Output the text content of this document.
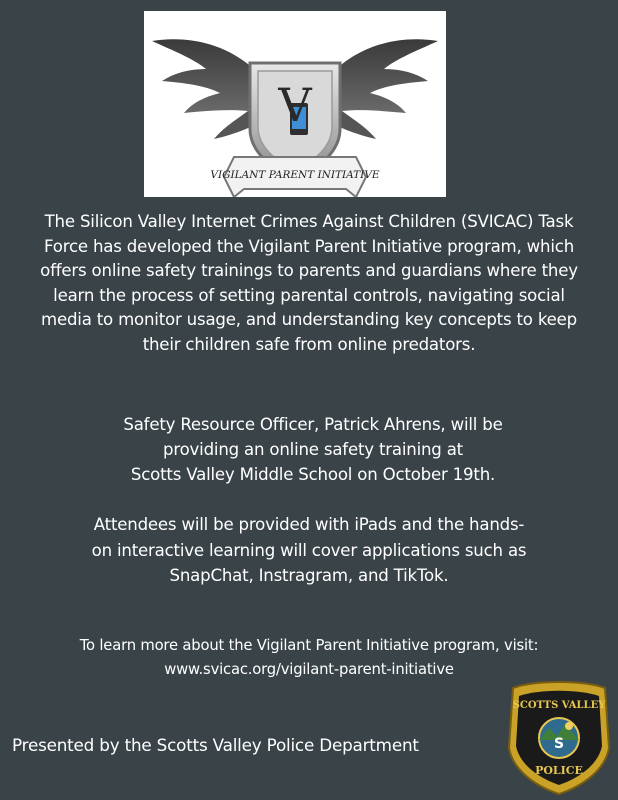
V
VIGILANT PARENT INITIATIVE
The Silicon Valley Internet Crimes Against Children (SVICAC) Task
Force has developed the Vigilant Parent Initiative program, which
offers online safety trainings to parents and guardians where they
learn the process of setting parental controls, navigating social
media to monitor usage, and understanding key concepts to keep
their children safe from online predators.
Safety Resource Officer, Patrick Ahrens, will be
providing an online safety training at
Scotts Valley Middle School on October 19th.
Attendees will be provided with iPads and the hands-
on interactive learning will cover applications such as
SnapChat, Instragram, and TikTok.
To learn more about the Vigilant Parent Initiative program, visit:
www.svicac.org/vigilant-parent-initiative
Presented by the Scotts Valley Police Department
SCOTTS VALLEY
S
POLICE
